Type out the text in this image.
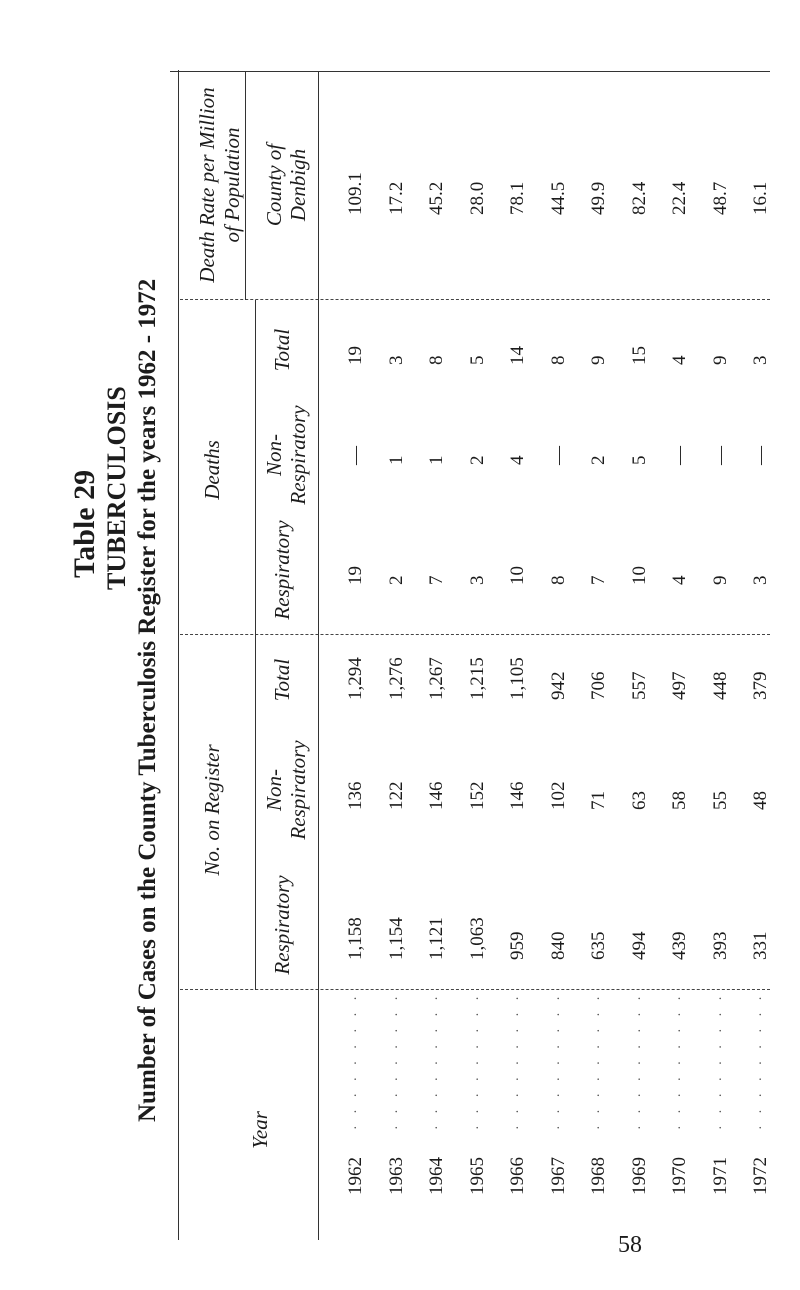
Table 29 TUBERCULOSIS Number of Cases on the County Tuberculosis Register for the years 1962 - 1972
Year
No. on Register
Respiratory
Non- Respiratory
Total
Deaths
Respiratory
Non- Respiratory
Total
Death Rate per Million of Population County of Denbigh
1962
1,158
136
1,294
19
—
19
109.1
· · · · · · · · ·
1963
1,154
122
1,276
2
1
3
17.2
· · · · · · · · ·
1964
1,121
146
1,267
7
1
8
45.2
· · · · · · · · ·
1965
1,063
152
1,215
3
2
5
28.0
· · · · · · · · ·
1966
959
146
1,105
10
4
14
78.1
· · · · · · · · ·
1967
840
102
942
8
—
8
44.5
· · · · · · · · ·
1968
635
71
706
7
2
9
49.9
· · · · · · · · ·
1969
494
63
557
10
5
15
82.4
· · · · · · · · ·
1970
439
58
497
4
—
4
22.4
· · · · · · · · ·
1971
393
55
448
9
—
9
48.7
· · · · · · · · ·
1972
331
48
379
3
—
3
16.1
· · · · · · · · ·
58
